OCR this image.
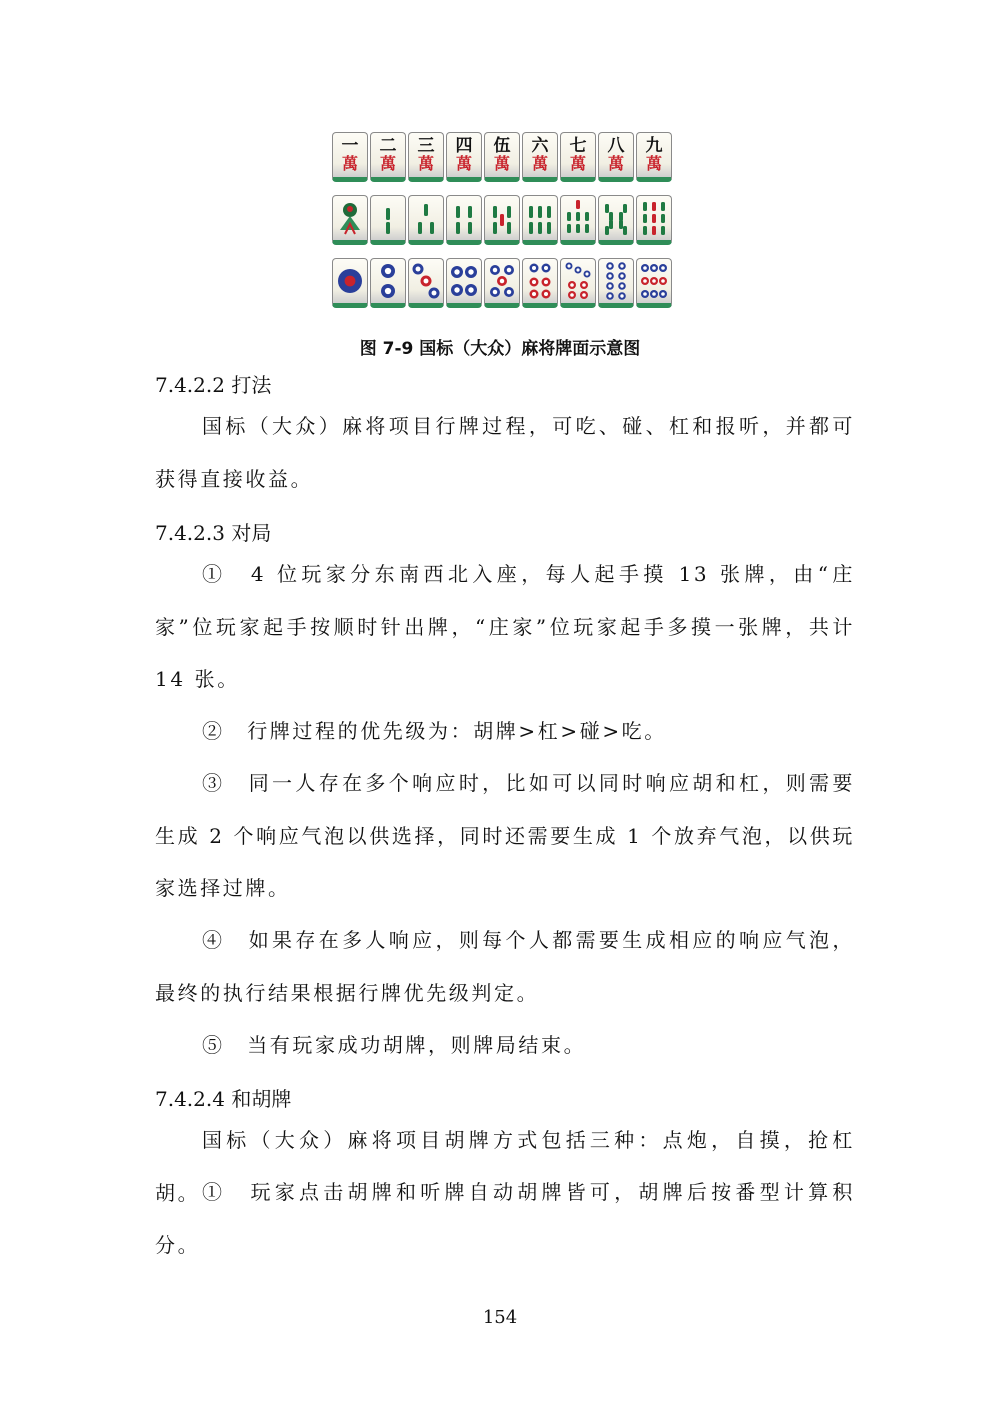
一
萬
二
萬
三
萬
四
萬
伍
萬
六
萬
七
萬
八
萬
九
萬
图 7-9 国标（大众）麻将牌面示意图
7.4.2.2 打法

国标（大众）麻将项目行牌过程，可吃、碰、杠和报听，并都可获得直接收益。

7.4.2.3 对局

①　4 位玩家分东南西北入座，每人起手摸 13 张牌，由“庄家”位玩家起手按顺时针出牌，“庄家”位玩家起手多摸一张牌，共计 14 张。

②　行牌过程的优先级为：胡牌>杠>碰>吃。

③　同一人存在多个响应时，比如可以同时响应胡和杠，则需要生成 2 个响应气泡以供选择，同时还需要生成 1 个放弃气泡，以供玩家选择过牌。

④　如果存在多人响应，则每个人都需要生成相应的响应气泡，最终的执行结果根据行牌优先级判定。

⑤　当有玩家成功胡牌，则牌局结束。

7.4.2.4 和胡牌

国标（大众）麻将项目胡牌方式包括三种：点炮，自摸，抢杠胡。 ①　玩家点击胡牌和听牌自动胡牌皆可，胡牌后按番型计算积分。

154
